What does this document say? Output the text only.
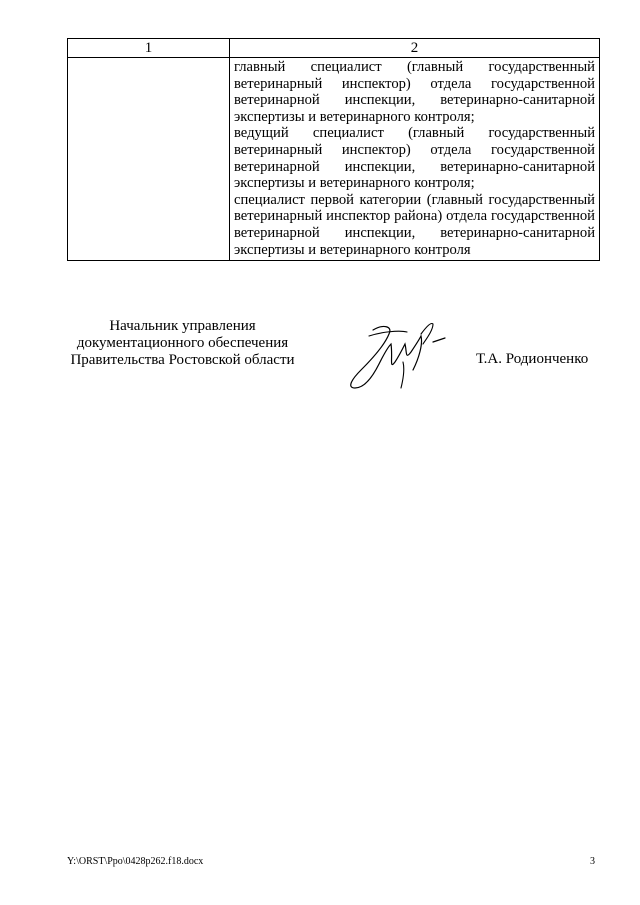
1	2

	главный специалист (главный государственный ветеринарный инспектор) отдела государственной ветеринарной инспекции, ветеринарно-санитарной экспертизы и ветеринарного контроля;

ведущий специалист (главный государственный ветеринарный инспектор) отдела государственной ветеринарной инспекции, ветеринарно-санитарной экспертизы и ветеринарного контроля;

специалист первой категории (главный государственный ветеринарный инспектор района) отдела государственной ветеринарной инспекции, ветеринарно-санитарной экспертизы и ветеринарного контроля

Начальник управления
документационного обеспечения
Правительства Ростовской области	Т.А. Родионченко
Y:\ORST\Ppo\0428p262.f18.docx	3
